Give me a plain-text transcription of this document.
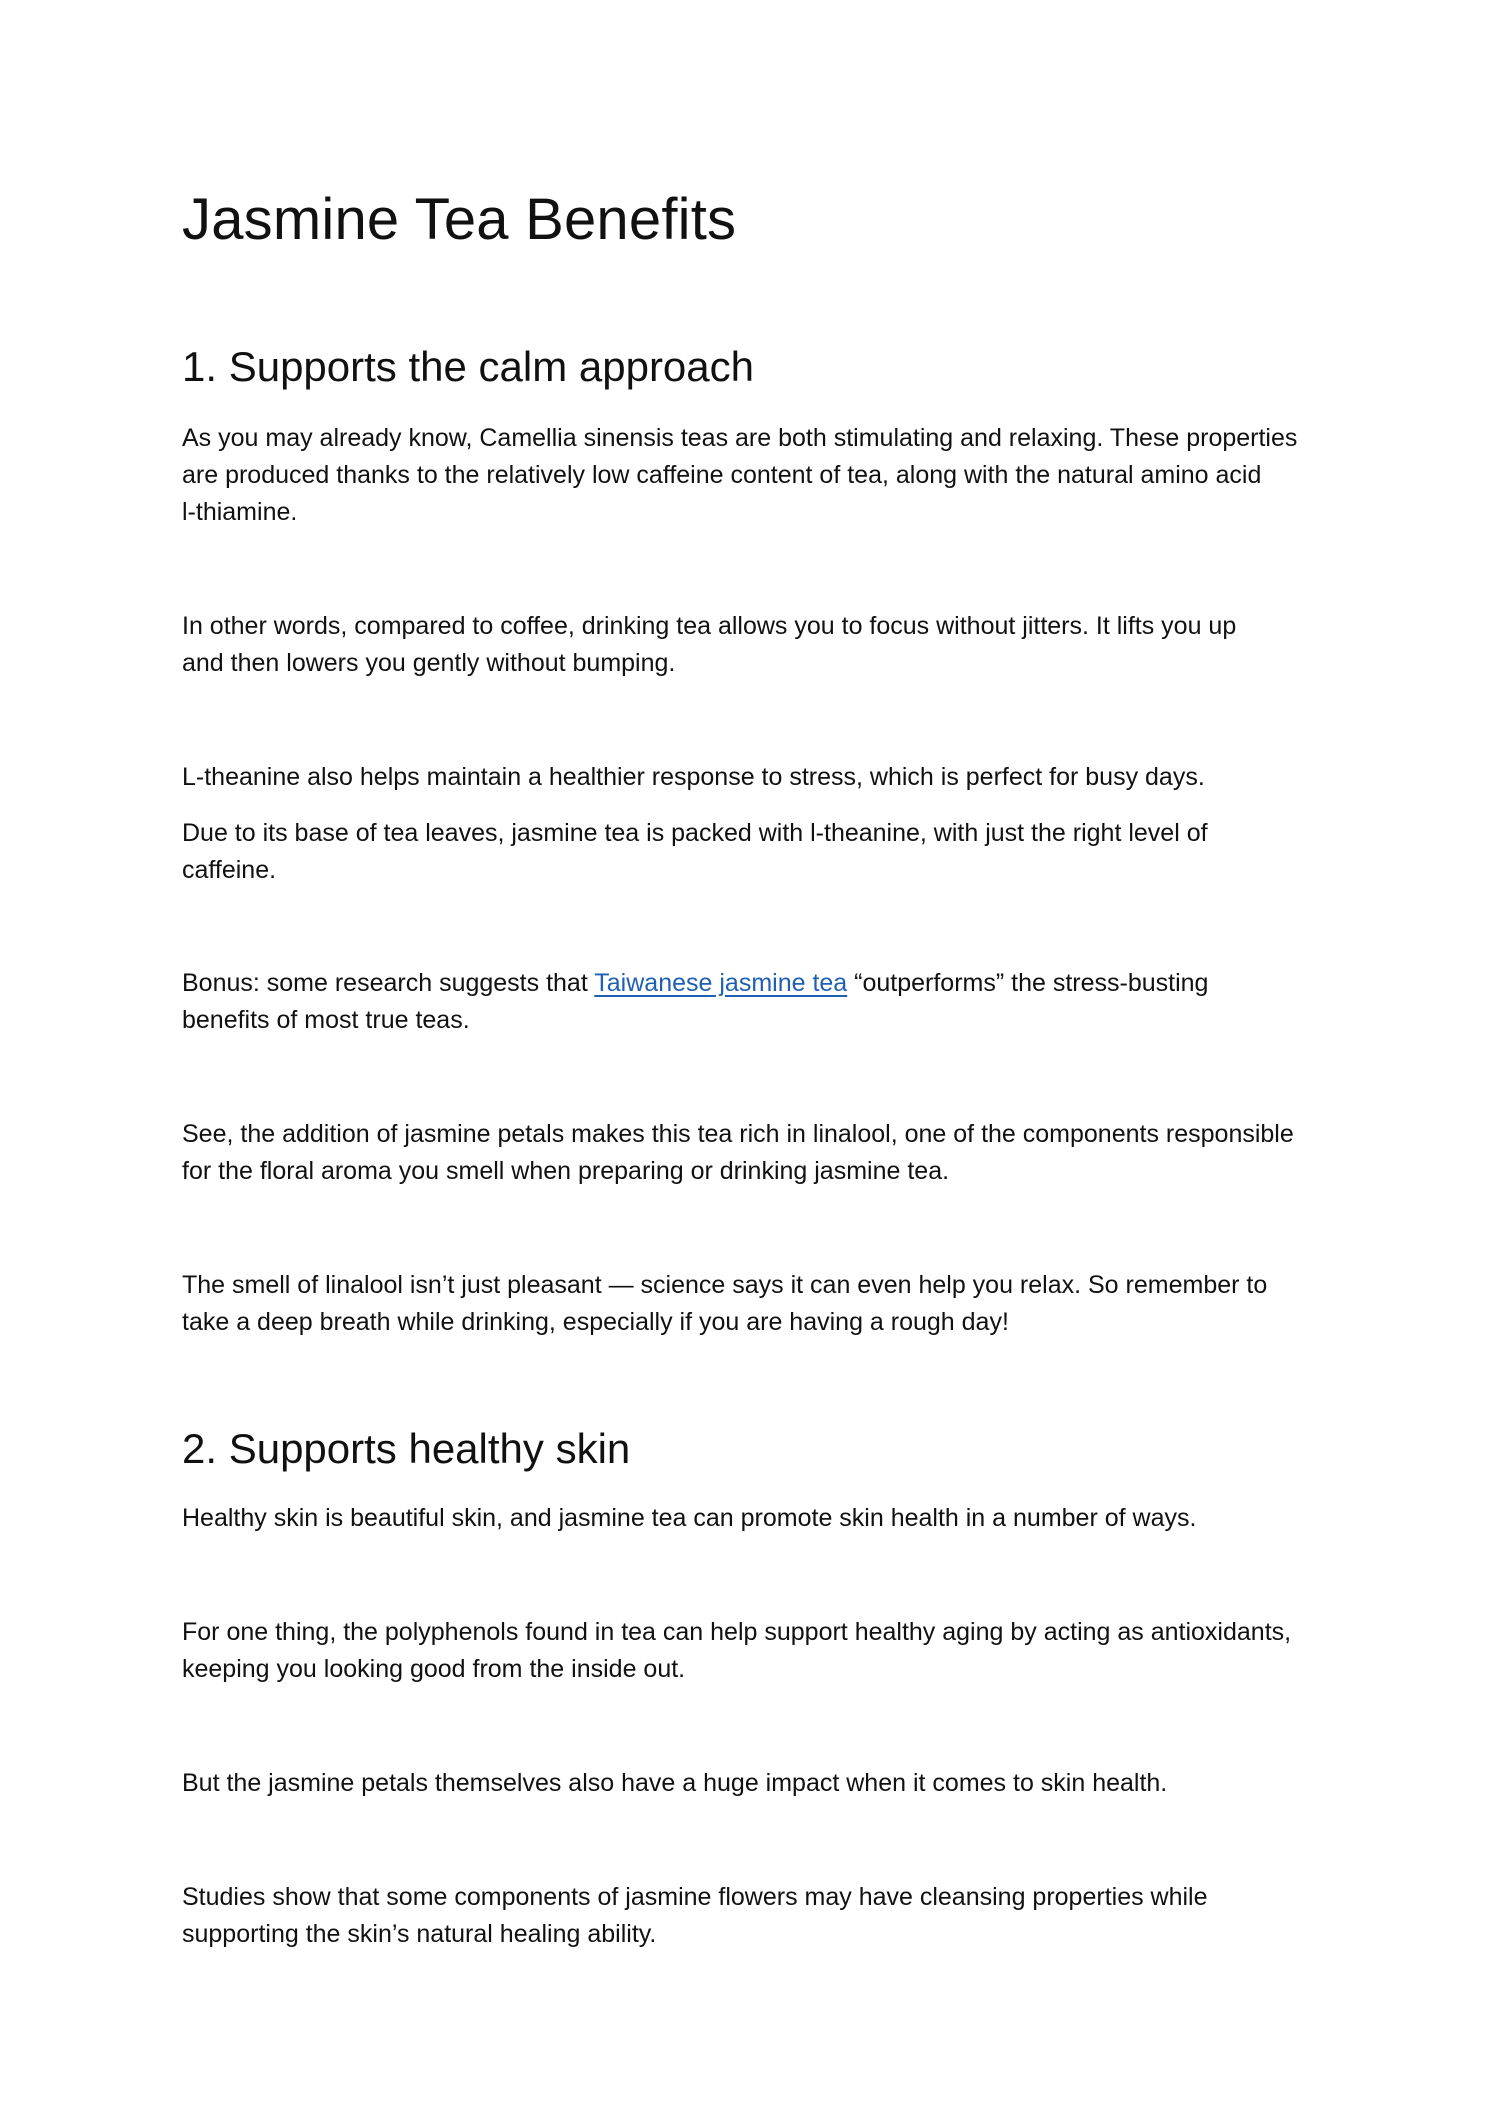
Jasmine Tea Benefits
1. Supports the calm approach
As you may already know, Camellia sinensis teas are both stimulating and relaxing. These properties
are produced thanks to the relatively low caffeine content of tea, along with the natural amino acid
l-thiamine.
In other words, compared to coffee, drinking tea allows you to focus without jitters. It lifts you up
and then lowers you gently without bumping.
L-theanine also helps maintain a healthier response to stress, which is perfect for busy days.
Due to its base of tea leaves, jasmine tea is packed with l-theanine, with just the right level of
caffeine.
Bonus: some research suggests that Taiwanese jasmine tea “outperforms” the stress-busting
benefits of most true teas.
See, the addition of jasmine petals makes this tea rich in linalool, one of the components responsible
for the floral aroma you smell when preparing or drinking jasmine tea.
The smell of linalool isn’t just pleasant — science says it can even help you relax. So remember to
take a deep breath while drinking, especially if you are having a rough day!
2. Supports healthy skin
Healthy skin is beautiful skin, and jasmine tea can promote skin health in a number of ways.
For one thing, the polyphenols found in tea can help support healthy aging by acting as antioxidants,
keeping you looking good from the inside out.
But the jasmine petals themselves also have a huge impact when it comes to skin health.
Studies show that some components of jasmine flowers may have cleansing properties while
supporting the skin’s natural healing ability.
